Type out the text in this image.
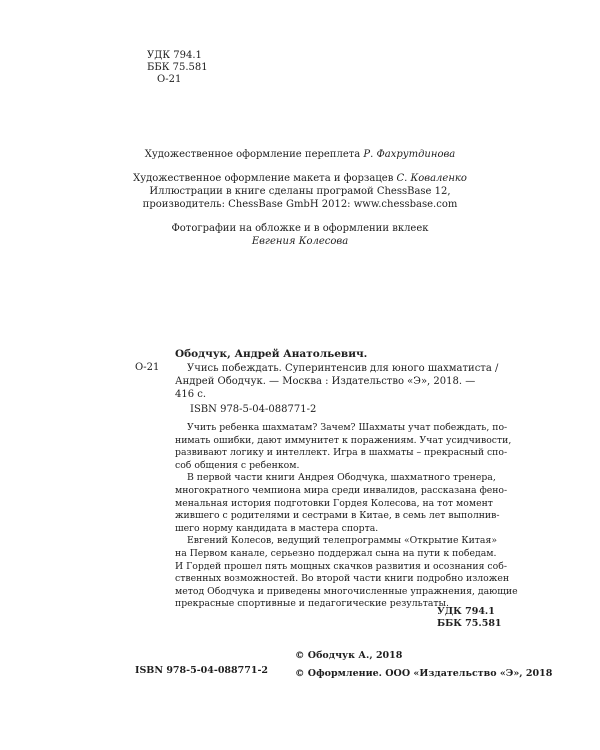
УДК 794.1
ББК 75.581
О-21
Художественное оформление переплета Р. Фахрутдинова
Художественное оформление макета и форзацев С. Коваленко
Иллюстрации в книге сделаны програмой ChessBase 12,
производитель: ChessBase GmbH 2012: www.chessbase.com
Фотографии на обложке и в оформлении вклеек
Евгения Колесова
Ободчук, Андрей Анатольевич.
О-21	Учись побеждать. Суперинтенсив для юного шахматиста /
Андрей Ободчук. — Москва : Издательство «Э», 2018. —
416 с.
ISBN 978-5-04-088771-2
Учить ребенка шахматам? Зачем? Шахматы учат побеждать, по-
нимать ошибки, дают иммунитет к поражениям. Учат усидчивости,
развивают логику и интеллект. Игра в шахматы – прекрасный спо-
соб общения с ребенком.
В первой части книги Андрея Ободчука, шахматного тренера,
многократного чемпиона мира среди инвалидов, рассказана фено-
менальная история подготовки Гордея Колесова, на тот момент
жившего с родителями и сестрами в Китае, в семь лет выполнив-
шего норму кандидата в мастера спорта.
Евгений Колесов, ведущий телепрограммы «Открытие Китая»
на Первом канале, серьезно поддержал сына на пути к победам.
И Гордей прошел пять мощных скачков развития и осознания соб-
ственных возможностей. Во второй части книги подробно изложен
метод Ободчука и приведены многочисленные упражнения, дающие
прекрасные спортивные и педагогические результаты.
УДК 794.1
ББК 75.581
ISBN 978-5-04-088771-2
© Ободчук А., 2018
© Оформление. ООО «Издательство «Э», 2018
